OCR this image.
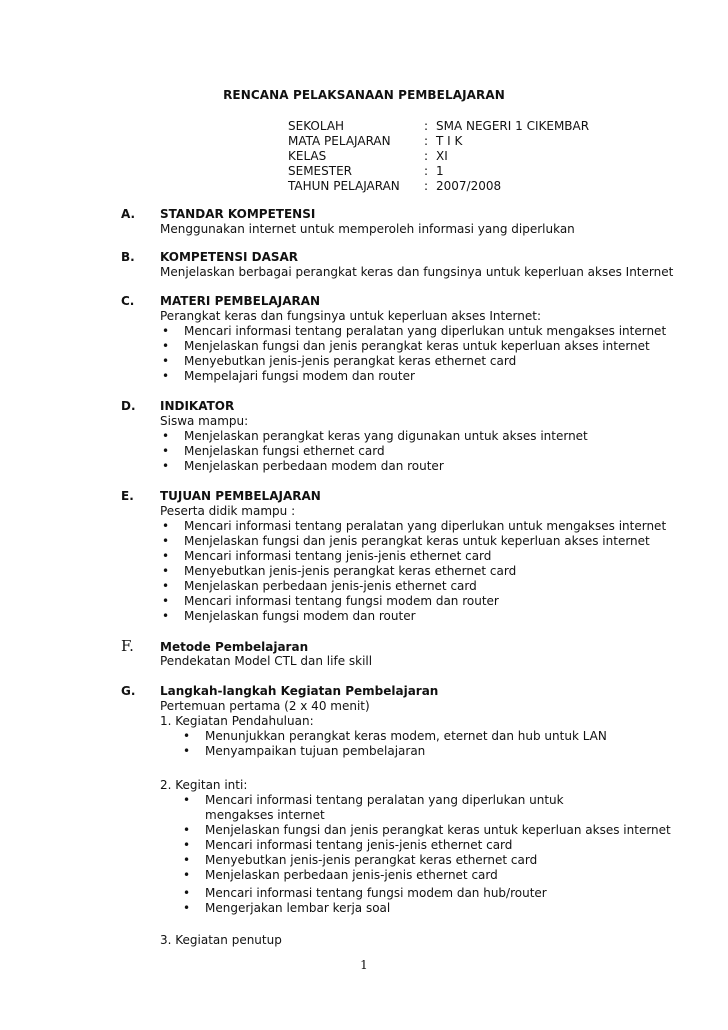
RENCANA PELAKSANAAN PEMBELAJARAN
SEKOLAH	: SMA NEGERI 1 CIKEMBAR
MATA PELAJARAN	: T I K
KELAS	: XI
SEMESTER	: 1
TAHUN PELAJARAN : 2007/2008
A. STANDAR KOMPETENSI
Menggunakan internet untuk memperoleh informasi yang diperlukan
B. KOMPETENSI DASAR
Menjelaskan berbagai perangkat keras dan fungsinya untuk keperluan akses Internet
C. MATERI PEMBELAJARAN
Perangkat keras dan fungsinya untuk keperluan akses Internet:
• Mencari informasi tentang peralatan yang diperlukan untuk mengakses internet
• Menjelaskan fungsi dan jenis perangkat keras untuk keperluan akses internet
• Menyebutkan jenis-jenis perangkat keras ethernet card
• Mempelajari fungsi modem dan router
D. INDIKATOR
Siswa mampu:
• Menjelaskan perangkat keras yang digunakan untuk akses internet
• Menjelaskan fungsi ethernet card
• Menjelaskan perbedaan modem dan router
E. TUJUAN PEMBELAJARAN
Peserta didik mampu :
• Mencari informasi tentang peralatan yang diperlukan untuk mengakses internet
• Menjelaskan fungsi dan jenis perangkat keras untuk keperluan akses internet
• Mencari informasi tentang jenis-jenis ethernet card
• Menyebutkan jenis-jenis perangkat keras ethernet card
• Menjelaskan perbedaan jenis-jenis ethernet card
• Mencari informasi tentang fungsi modem dan router
• Menjelaskan fungsi modem dan router
F. Metode Pembelajaran
Pendekatan Model CTL dan life skill
G. Langkah-langkah Kegiatan Pembelajaran
Pertemuan pertama (2 x 40 menit)
1. Kegiatan Pendahuluan:
•	Menunjukkan perangkat keras modem, eternet dan hub untuk LAN
•	Menyampaikan tujuan pembelajaran
2. Kegitan inti:
•	Mencari informasi tentang peralatan yang diperlukan untuk mengakses internet
•	Menjelaskan fungsi dan jenis perangkat keras untuk keperluan akses internet
•	Mencari informasi tentang jenis-jenis ethernet card
•	Menyebutkan jenis-jenis perangkat keras ethernet card
•	Menjelaskan perbedaan jenis-jenis ethernet card
•	Mencari informasi tentang fungsi modem dan hub/router
•	Mengerjakan lembar kerja soal
3. Kegiatan penutup
1
